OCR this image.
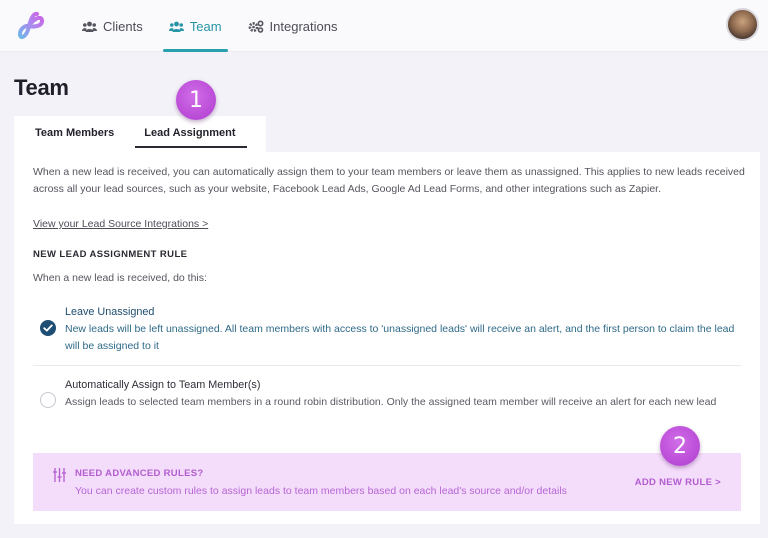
Clients	Team	Integrations
Team
Team Members	Lead Assignment
1

When a new lead is received, you can automatically assign them to your team members or leave them as unassigned. This applies to new leads received across all your lead sources, such as your website, Facebook Lead Ads, Google Ad Lead Forms, and other integrations such as Zapier.

View your Lead Source Integrations >
NEW LEAD ASSIGNMENT RULE
When a new lead is received, do this:
Leave Unassigned
New leads will be left unassigned. All team members with access to 'unassigned leads' will receive an alert, and the first person to claim the lead will be assigned to it
Automatically Assign to Team Member(s)
Assign leads to selected team members in a round robin distribution. Only the assigned team member will receive an alert for each new lead
NEED ADVANCED RULES?
You can create custom rules to assign leads to team members based on each lead's source and/or details
ADD NEW RULE >
2
